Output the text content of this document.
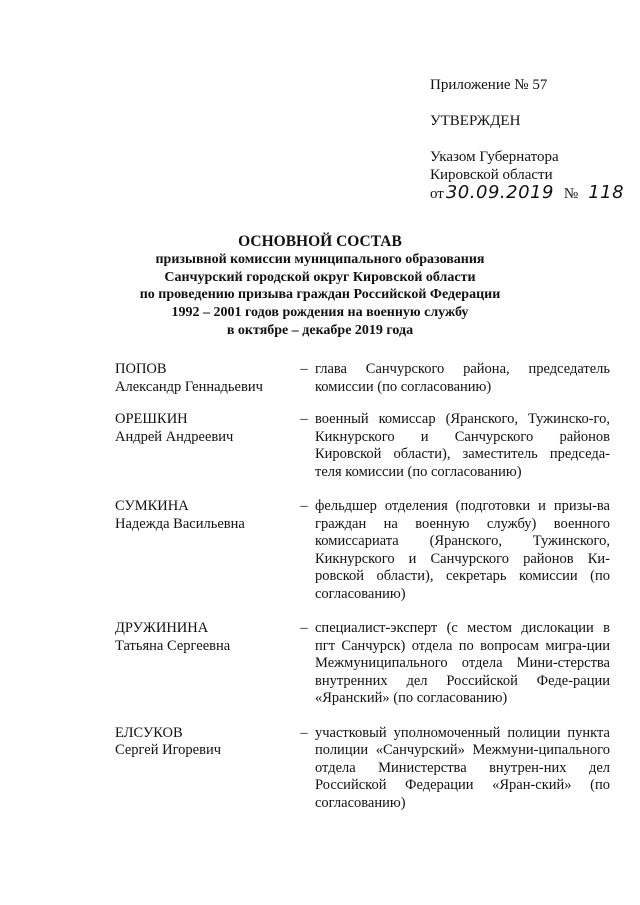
Приложение № 57
УТВЕРЖДЕН
Указом Губернатора
Кировской области
от 30.09.2019 № 118
ОСНОВНОЙ СОСТАВ
призывной комиссии муниципального образования
Санчурский городской округ Кировской области
по проведению призыва граждан Российской Федерации
1992 – 2001 годов рождения на военную службу
в октябре – декабре 2019 года
ПОПОВ
Александр Геннадьевич
– глава Санчурского района, председатель комиссии (по согласованию)
ОРЕШКИН
Андрей Андреевич
– военный комиссар (Яранского, Тужинско-го, Кикнурского и Санчурского районов Кировской области), заместитель председа-теля комиссии (по согласованию)
СУМКИНА
Надежда Васильевна
– фельдшер отделения (подготовки и призы-ва граждан на военную службу) военного комиссариата (Яранского, Тужинского, Кикнурского и Санчурского районов Ки-ровской области), секретарь комиссии (по согласованию)
ДРУЖИНИНА
Татьяна Сергеевна
– специалист-эксперт (с местом дислокации в пгт Санчурск) отдела по вопросам мигра-ции Межмуниципального отдела Мини-стерства внутренних дел Российской Феде-рации «Яранский» (по согласованию)
ЕЛСУКОВ
Сергей Игоревич
– участковый уполномоченный полиции пункта полиции «Санчурский» Межмуни-ципального отдела Министерства внутрен-них дел Российской Федерации «Яран-ский» (по согласованию)
